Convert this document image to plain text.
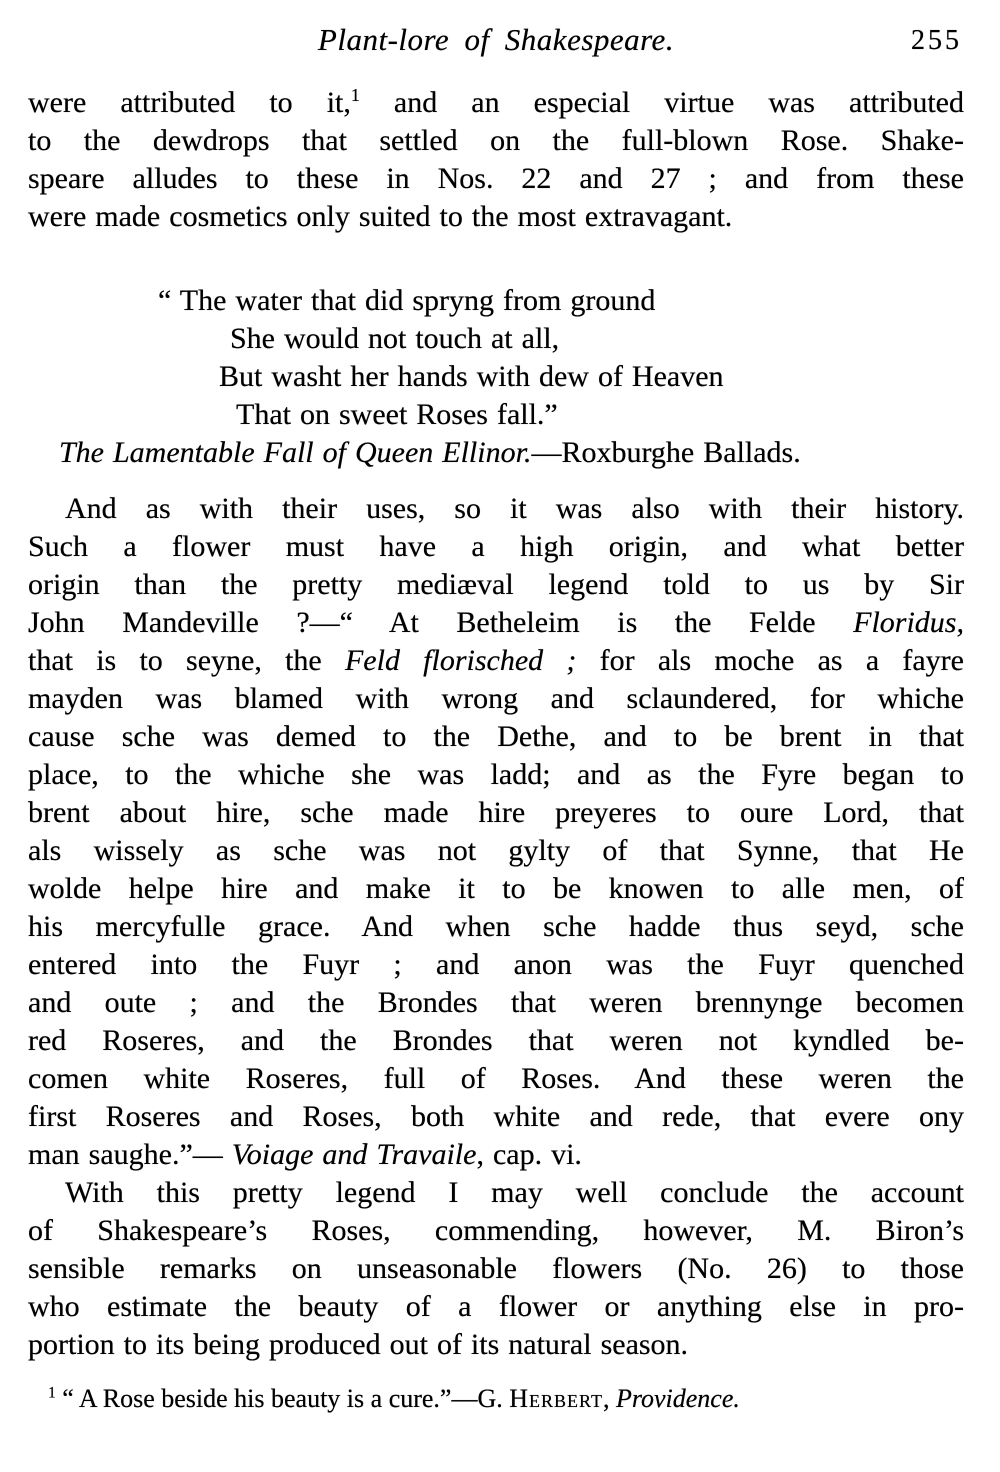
Plant-lore of Shakespeare.	255
were attributed to it,$^1$ and an especial virtue was attributed
to the dewdrops that settled on the full-blown Rose. Shake-
speare alludes to these in Nos. 22 and 27 ; and from these
were made cosmetics only suited to the most extravagant.
“ The water that did spryng from ground
She would not touch at all,
But washt her hands with dew of Heaven
That on sweet Roses fall.”
The Lamentable Fall of Queen Ellinor.—Roxburghe Ballads.
And as with their uses, so it was also with their history.
Such a flower must have a high origin, and what better
origin than the pretty mediæval legend told to us by Sir
John Mandeville ?—“ At Betheleim is the Felde Floridus,
that is to seyne, the Feld florisched ; for als moche as a fayre
mayden was blamed with wrong and sclaundered, for whiche
cause sche was demed to the Dethe, and to be brent in that
place, to the whiche she was ladd; and as the Fyre began to
brent about hire, sche made hire preyeres to oure Lord, that
als wissely as sche was not gylty of that Synne, that He
wolde helpe hire and make it to be knowen to alle men, of
his mercyfulle grace. And when sche hadde thus seyd, sche
entered into the Fuyr ; and anon was the Fuyr quenched
and oute ; and the Brondes that weren brennynge becomen
red Roseres, and the Brondes that weren not kyndled be-
comen white Roseres, full of Roses. And these weren the
first Roseres and Roses, both white and rede, that evere ony
man saughe.”— Voiage and Travaile, cap. vi.
With this pretty legend I may well conclude the account
of Shakespeare’s Roses, commending, however, M. Biron’s
sensible remarks on unseasonable flowers (No. 26) to those
who estimate the beauty of a flower or anything else in pro-
portion to its being produced out of its natural season.
$^1$ “ A Rose beside his beauty is a cure.”—G. Herbert, Providence.
